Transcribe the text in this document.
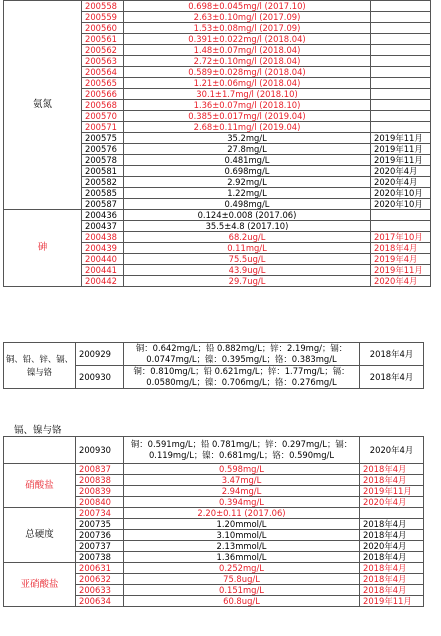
氨氮	200558	0.698±0.045mg/l (2017.10)	
	200559	2.63±0.10mg/l (2017.09)	
	200560	1.53±0.08mg/l (2017.09)	
	200561	0.391±0.022mg/l (2018.04)	
	200562	1.48±0.07mg/l (2018.04)	
	200563	2.72±0.10mg/l (2018.04)	
	200564	0.589±0.028mg/l (2018.04)	
	200565	1.21±0.06mg/l (2018.04)	
	200566	30.1±1.7mg/l (2018.10)	
	200568	1.36±0.07mg/l (2018.10)	
	200570	0.385±0.017mg/l (2019.04)	
	200571	2.68±0.11mg/l (2019.04)	
	200575	35.2mg/L	2019年11月
	200576	27.8mg/L	2019年11月
	200578	0.481mg/L	2019年11月
	200581	0.698mg/L	2020年4月
	200582	2.92mg/L	2020年4月
	200585	1.22mg/L	2020年10月
	200587	0.498mg/L	2020年10月
砷	200436	0.124±0.008 (2017.06)	
	200437	35.5±4.8 (2017.10)	
	200438	68.2ug/L	2017年10月
	200439	0.11mg/L	2018年4月
	200440	75.5ug/L	2019年4月
	200441	43.9ug/L	2019年11月
	200442	29.7ug/L	2020年4月
铜、铅、锌、镉、镍与铬	200929	铜：0.642mg/L；铅 0.882mg/L；锌：2.19mg/；镉：0.0747mg/L；镍：0.395mg/L；铬：0.383mg/L	2018年4月
	200930	铜：0.810mg/L；铅 0.621mg/L；锌：1.77mg/L；镉：0.0580mg/L；镍：0.706mg/L；铬：0.276mg/L	2018年4月
镉、镍与铬
	200930	铜：0.591mg/L；铅 0.781mg/L；锌：0.297mg/L；镉：0.119mg/L；镍：0.681mg/L；铬：0.590mg/L	2020年4月
硝酸盐	200837	0.598mg/L	2018年4月
	200838	3.47mg/L	2018年4月
	200839	2.94mg/L	2019年11月
	200840	0.394mg/L	2020年4月
总硬度	200734	2.20±0.11 (2017.06)	
	200735	1.20mmol/L	2018年4月
	200736	3.10mmol/L	2018年4月
	200737	2.13mmol/L	2020年4月
	200738	1.36mmol/L	2018年4月
亚硝酸盐	200631	0.252mg/L	2018年4月
	200632	75.8ug/L	2018年4月
	200633	0.151mg/L	2018年4月
	200634	60.8ug/L	2019年11月
